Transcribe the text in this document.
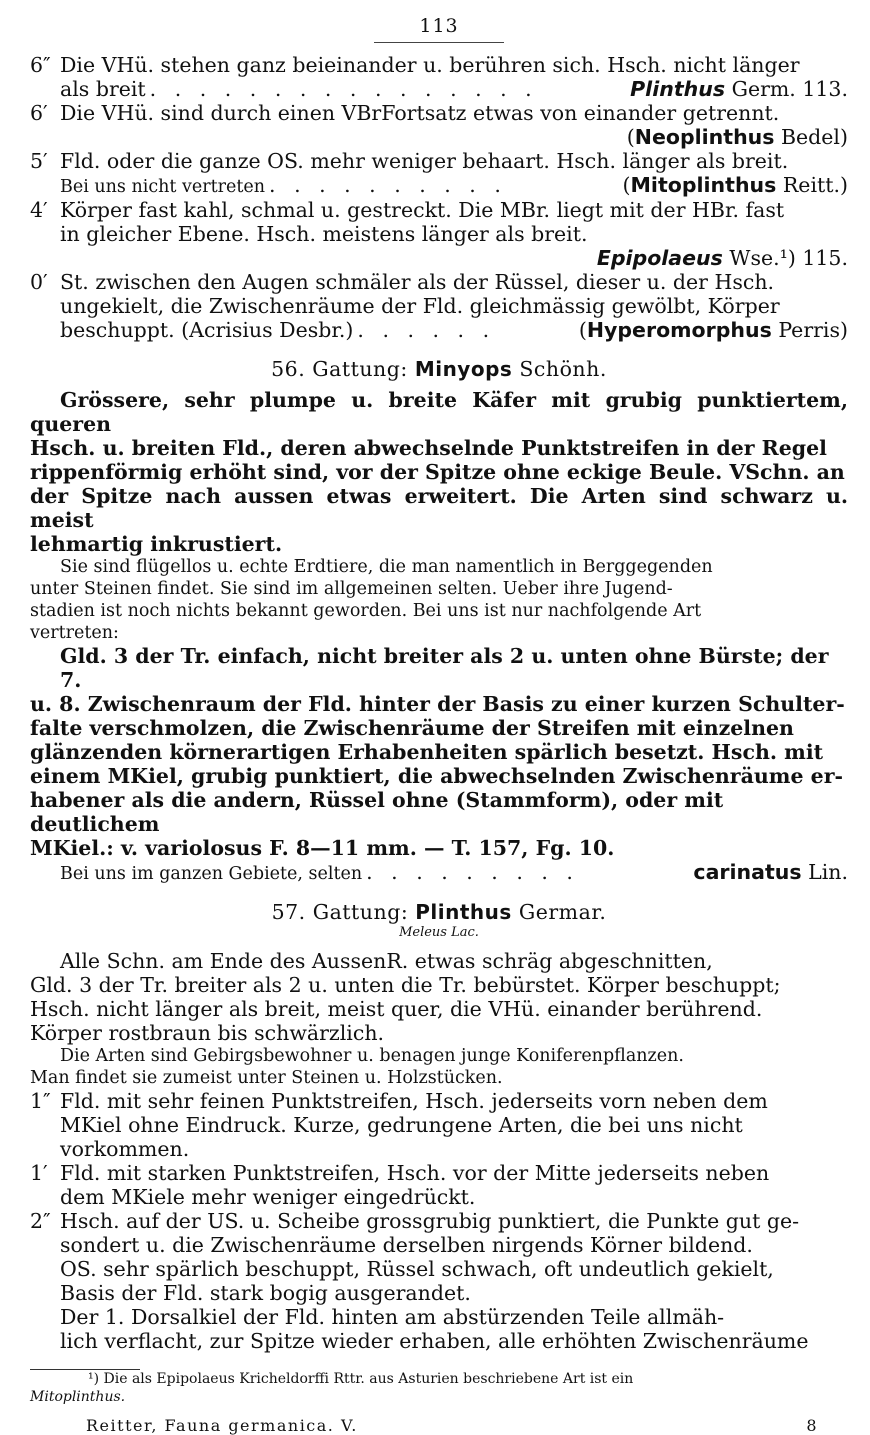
113
6″ Die VHü. stehen ganz beieinander u. berühren sich. Hsch. nicht länger
als breit . . . . . . . . . . . . . . . .	Plinthus Germ. 113.
6′ Die VHü. sind durch einen VBrFortsatz etwas von einander getrennt.
(Neoplinthus Bedel)
5′ Fld. oder die ganze OS. mehr weniger behaart. Hsch. länger als breit.
Bei uns nicht vertreten . . . . . . . . . .	(Mitoplinthus Reitt.)
4′ Körper fast kahl, schmal u. gestreckt. Die MBr. liegt mit der HBr. fast
in gleicher Ebene. Hsch. meistens länger als breit.
Epipolaeus Wse.¹) 115.
0′ St. zwischen den Augen schmäler als der Rüssel, dieser u. der Hsch.
ungekielt, die Zwischenräume der Fld. gleichmässig gewölbt, Körper
beschuppt. (Acrisius Desbr.) . . . . . .	(Hyperomorphus Perris)
56. Gattung: Minyops Schönh.
Grössere, sehr plumpe u. breite Käfer mit grubig punktiertem, queren
Hsch. u. breiten Fld., deren abwechselnde Punktstreifen in der Regel
rippenförmig erhöht sind, vor der Spitze ohne eckige Beule. VSchn. an
der Spitze nach aussen etwas erweitert. Die Arten sind schwarz u. meist
lehmartig inkrustiert.
Sie sind flügellos u. echte Erdtiere, die man namentlich in Berggegenden
unter Steinen findet. Sie sind im allgemeinen selten. Ueber ihre Jugend-
stadien ist noch nichts bekannt geworden. Bei uns ist nur nachfolgende Art
vertreten:
Gld. 3 der Tr. einfach, nicht breiter als 2 u. unten ohne Bürste; der 7.
u. 8. Zwischenraum der Fld. hinter der Basis zu einer kurzen Schulter-
falte verschmolzen, die Zwischenräume der Streifen mit einzelnen
glänzenden körnerartigen Erhabenheiten spärlich besetzt. Hsch. mit
einem MKiel, grubig punktiert, die abwechselnden Zwischenräume er-
habener als die andern, Rüssel ohne (Stammform), oder mit deutlichem
MKiel.: v. variolosus F. 8—11 mm. — T. 157, Fg. 10.
Bei uns im ganzen Gebiete, selten . . . . . . . . .	carinatus Lin.
57. Gattung: Plinthus Germar.
Meleus Lac.
Alle Schn. am Ende des AussenR. etwas schräg abgeschnitten,
Gld. 3 der Tr. breiter als 2 u. unten die Tr. bebürstet. Körper beschuppt;
Hsch. nicht länger als breit, meist quer, die VHü. einander berührend.
Körper rostbraun bis schwärzlich.
Die Arten sind Gebirgsbewohner u. benagen junge Koniferenpflanzen.
Man findet sie zumeist unter Steinen u. Holzstücken.
1″ Fld. mit sehr feinen Punktstreifen, Hsch. jederseits vorn neben dem
MKiel ohne Eindruck. Kurze, gedrungene Arten, die bei uns nicht
vorkommen.
1′ Fld. mit starken Punktstreifen, Hsch. vor der Mitte jederseits neben
dem MKiele mehr weniger eingedrückt.
2″ Hsch. auf der US. u. Scheibe grossgrubig punktiert, die Punkte gut ge-
sondert u. die Zwischenräume derselben nirgends Körner bildend.
OS. sehr spärlich beschuppt, Rüssel schwach, oft undeutlich gekielt,
Basis der Fld. stark bogig ausgerandet.
Der 1. Dorsalkiel der Fld. hinten am abstürzenden Teile allmäh-
lich verflacht, zur Spitze wieder erhaben, alle erhöhten Zwischenräume
¹) Die als Epipolaeus Kricheldorffi Rttr. aus Asturien beschriebene Art ist ein
Mitoplinthus.
Reitter, Fauna germanica. V.	8
